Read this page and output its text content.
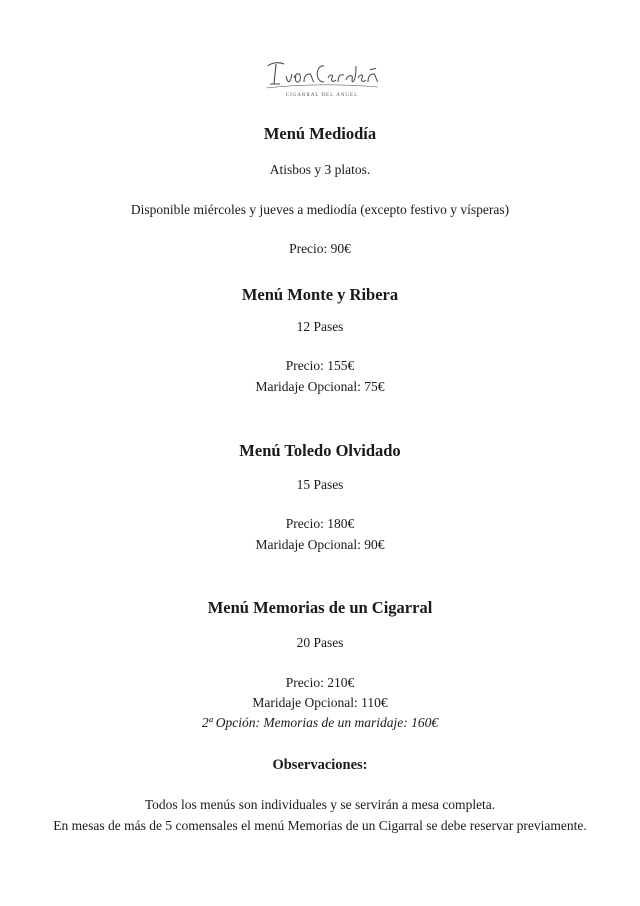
CIGARRAL DEL ÁNGEL
Menú Mediodía
Atisbos y 3 platos.
Disponible miércoles y jueves a mediodía (excepto festivo y vísperas)
Precio: 90€
Menú Monte y Ribera
12 Pases
Precio: 155€
Maridaje Opcional: 75€
Menú Toledo Olvidado
15 Pases
Precio: 180€
Maridaje Opcional: 90€
Menú Memorias de un Cigarral
20 Pases
Precio: 210€
Maridaje Opcional: 110€
2ª Opción: Memorias de un maridaje: 160€
Observaciones:
Todos los menús son individuales y se servirán a mesa completa.
En mesas de más de 5 comensales el menú Memorias de un Cigarral se debe reservar previamente.
